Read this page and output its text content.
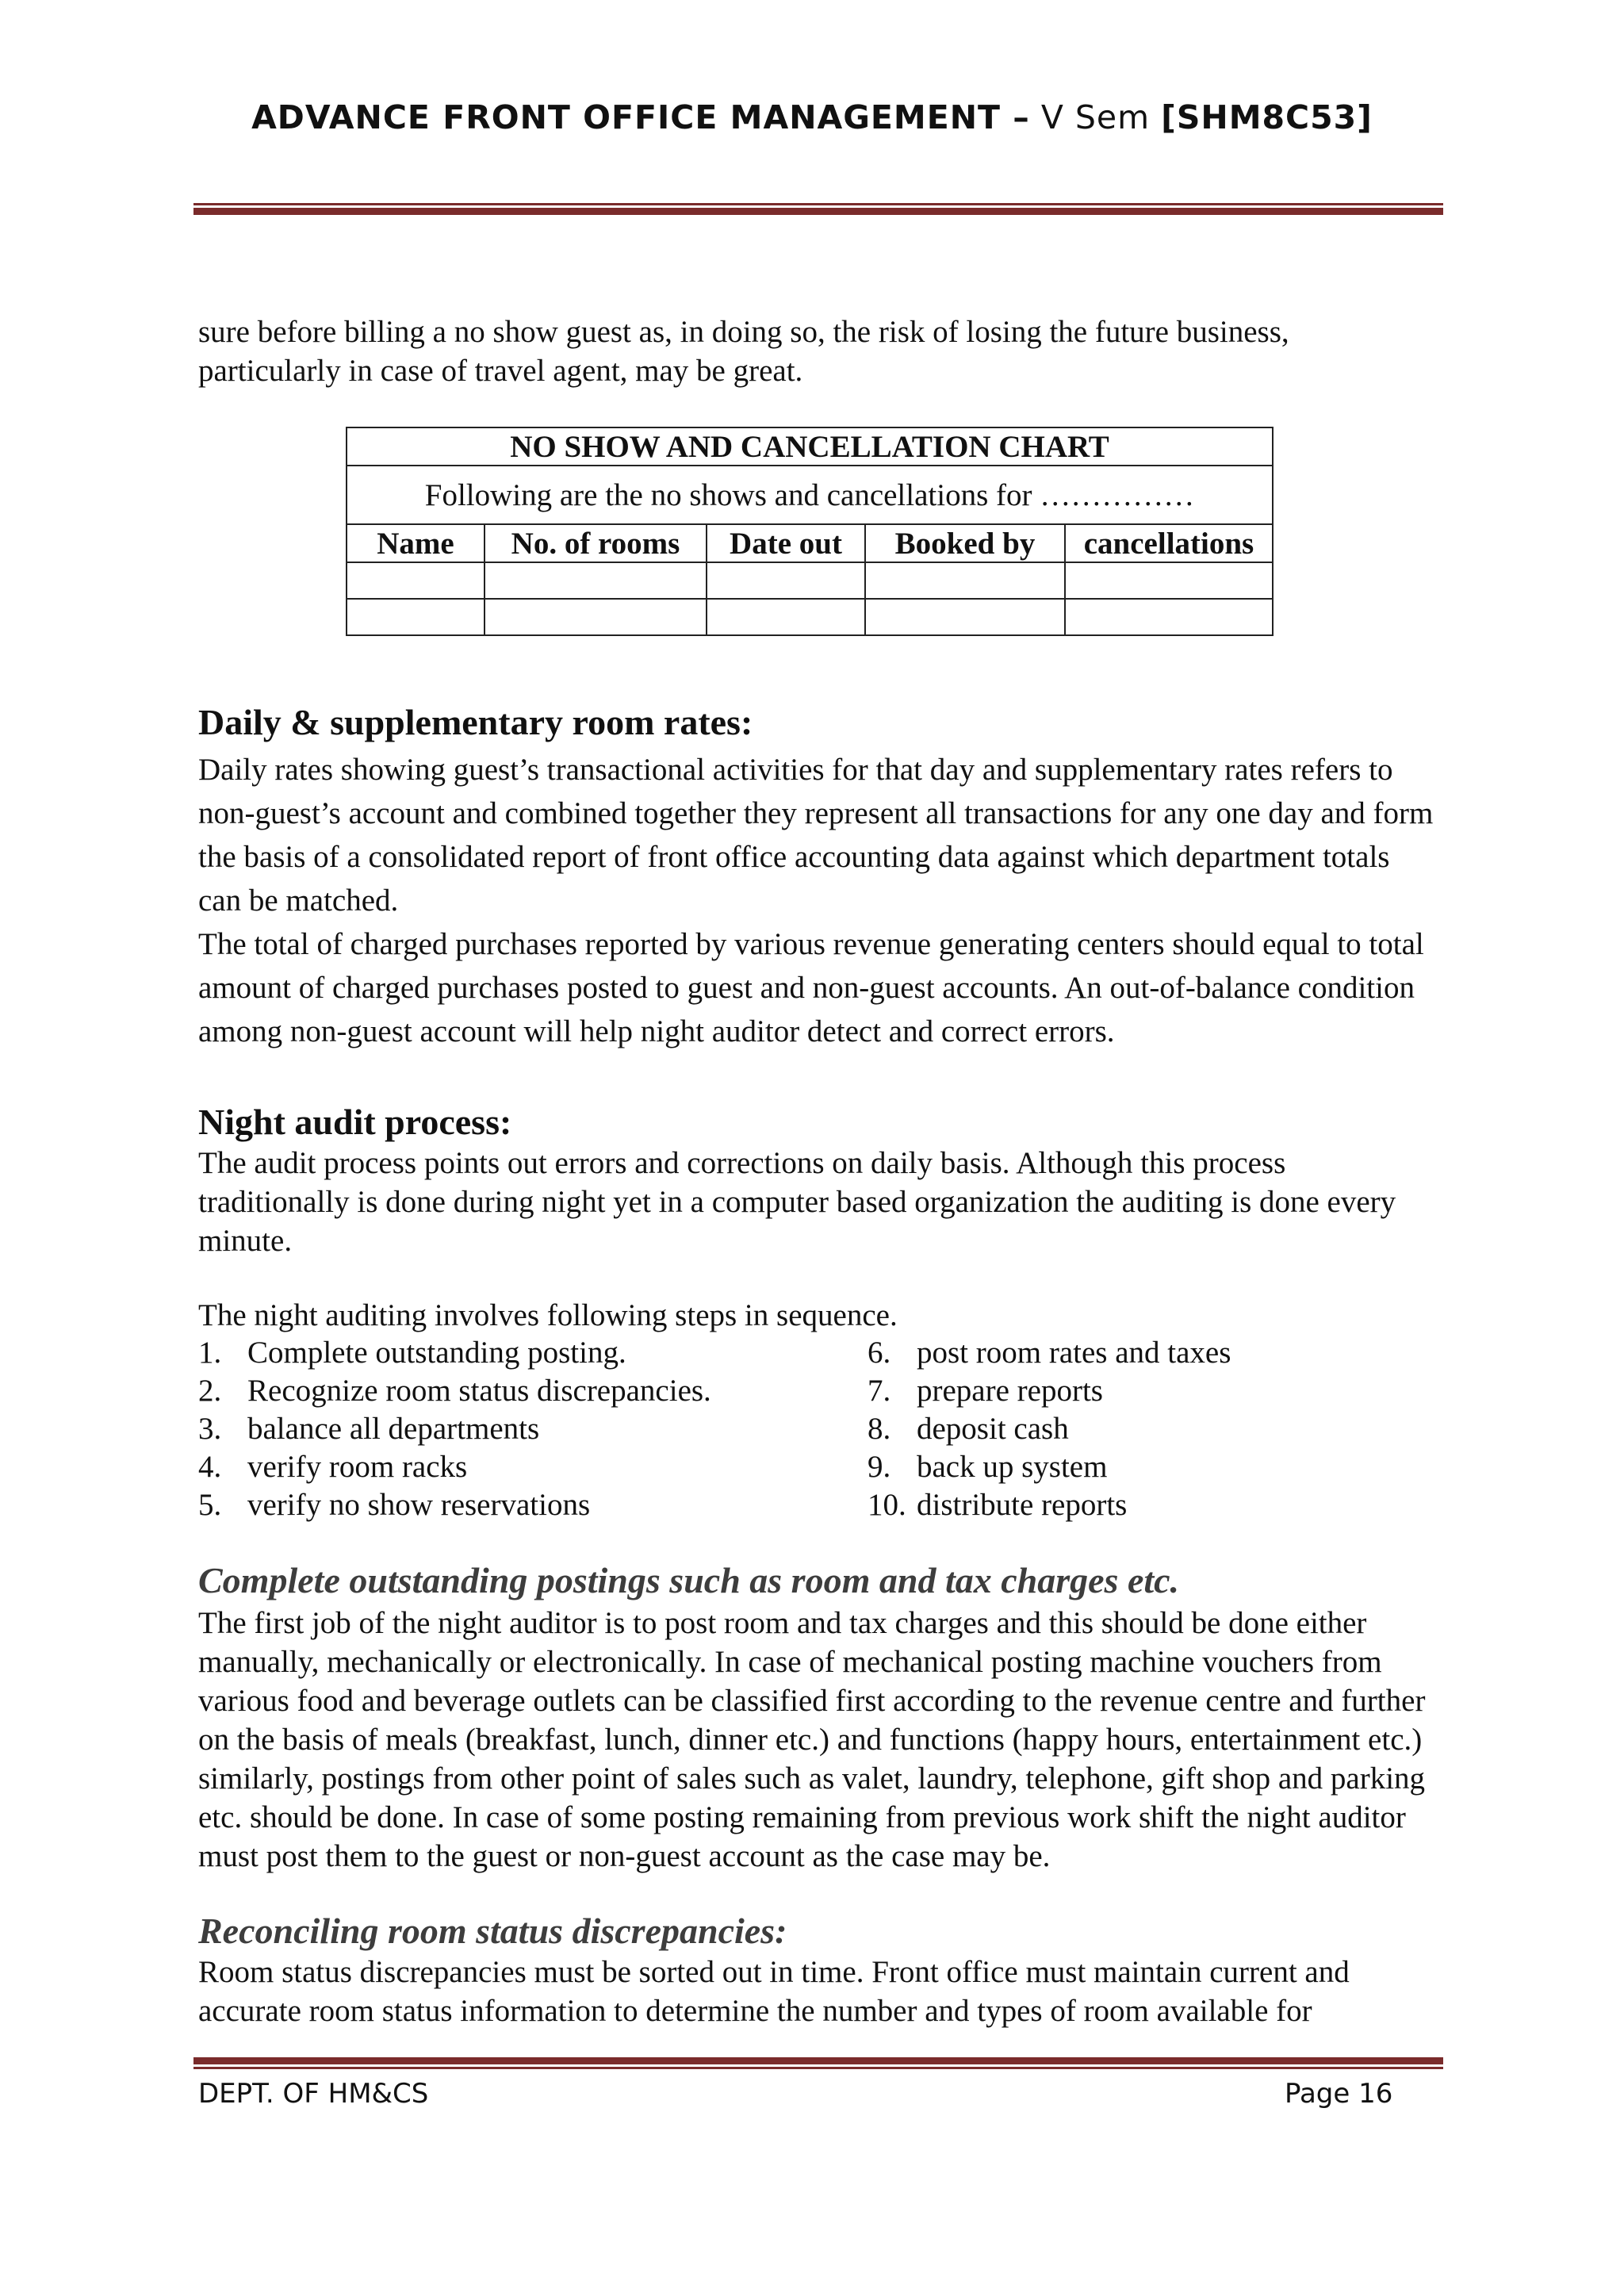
ADVANCE FRONT OFFICE MANAGEMENT – V Sem [SHM8C53]
sure before billing a no show guest as, in doing so, the risk of losing the future business, particularly in case of travel agent, may be great.
NO SHOW AND CANCELLATION CHART				
Following are the no shows and cancellations for ……………				
Name	No. of rooms	Date out	Booked by	cancellations

Daily & supplementary room rates:
Daily rates showing guest’s transactional activities for that day and supplementary rates refers to non-guest’s account and combined together they represent all transactions for any one day and form the basis of a consolidated report of front office accounting data against which department totals can be matched.
The total of charged purchases reported by various revenue generating centers should equal to total amount of charged purchases posted to guest and non-guest accounts. An out-of-balance condition among non-guest account will help night auditor detect and correct errors.
Night audit process:
The audit process points out errors and corrections on daily basis. Although this process traditionally is done during night yet in a computer based organization the auditing is done every minute.
The night auditing involves following steps in sequence.
1. Complete outstanding posting.
2. Recognize room status discrepancies.
3. balance all departments
4. verify room racks
5. verify no show reservations
6. post room rates and taxes
7. prepare reports
8. deposit cash
9. back up system
10. distribute reports
Complete outstanding postings such as room and tax charges etc.
The first job of the night auditor is to post room and tax charges and this should be done either manually, mechanically or electronically. In case of mechanical posting machine vouchers from various food and beverage outlets can be classified first according to the revenue centre and further on the basis of meals (breakfast, lunch, dinner etc.) and functions (happy hours, entertainment etc.) similarly, postings from other point of sales such as valet, laundry, telephone, gift shop and parking etc. should be done. In case of some posting remaining from previous work shift the night auditor must post them to the guest or non-guest account as the case may be.
Reconciling room status discrepancies:
Room status discrepancies must be sorted out in time. Front office must maintain current and accurate room status information to determine the number and types of room available for
DEPT. OF HM&CS	Page 16
